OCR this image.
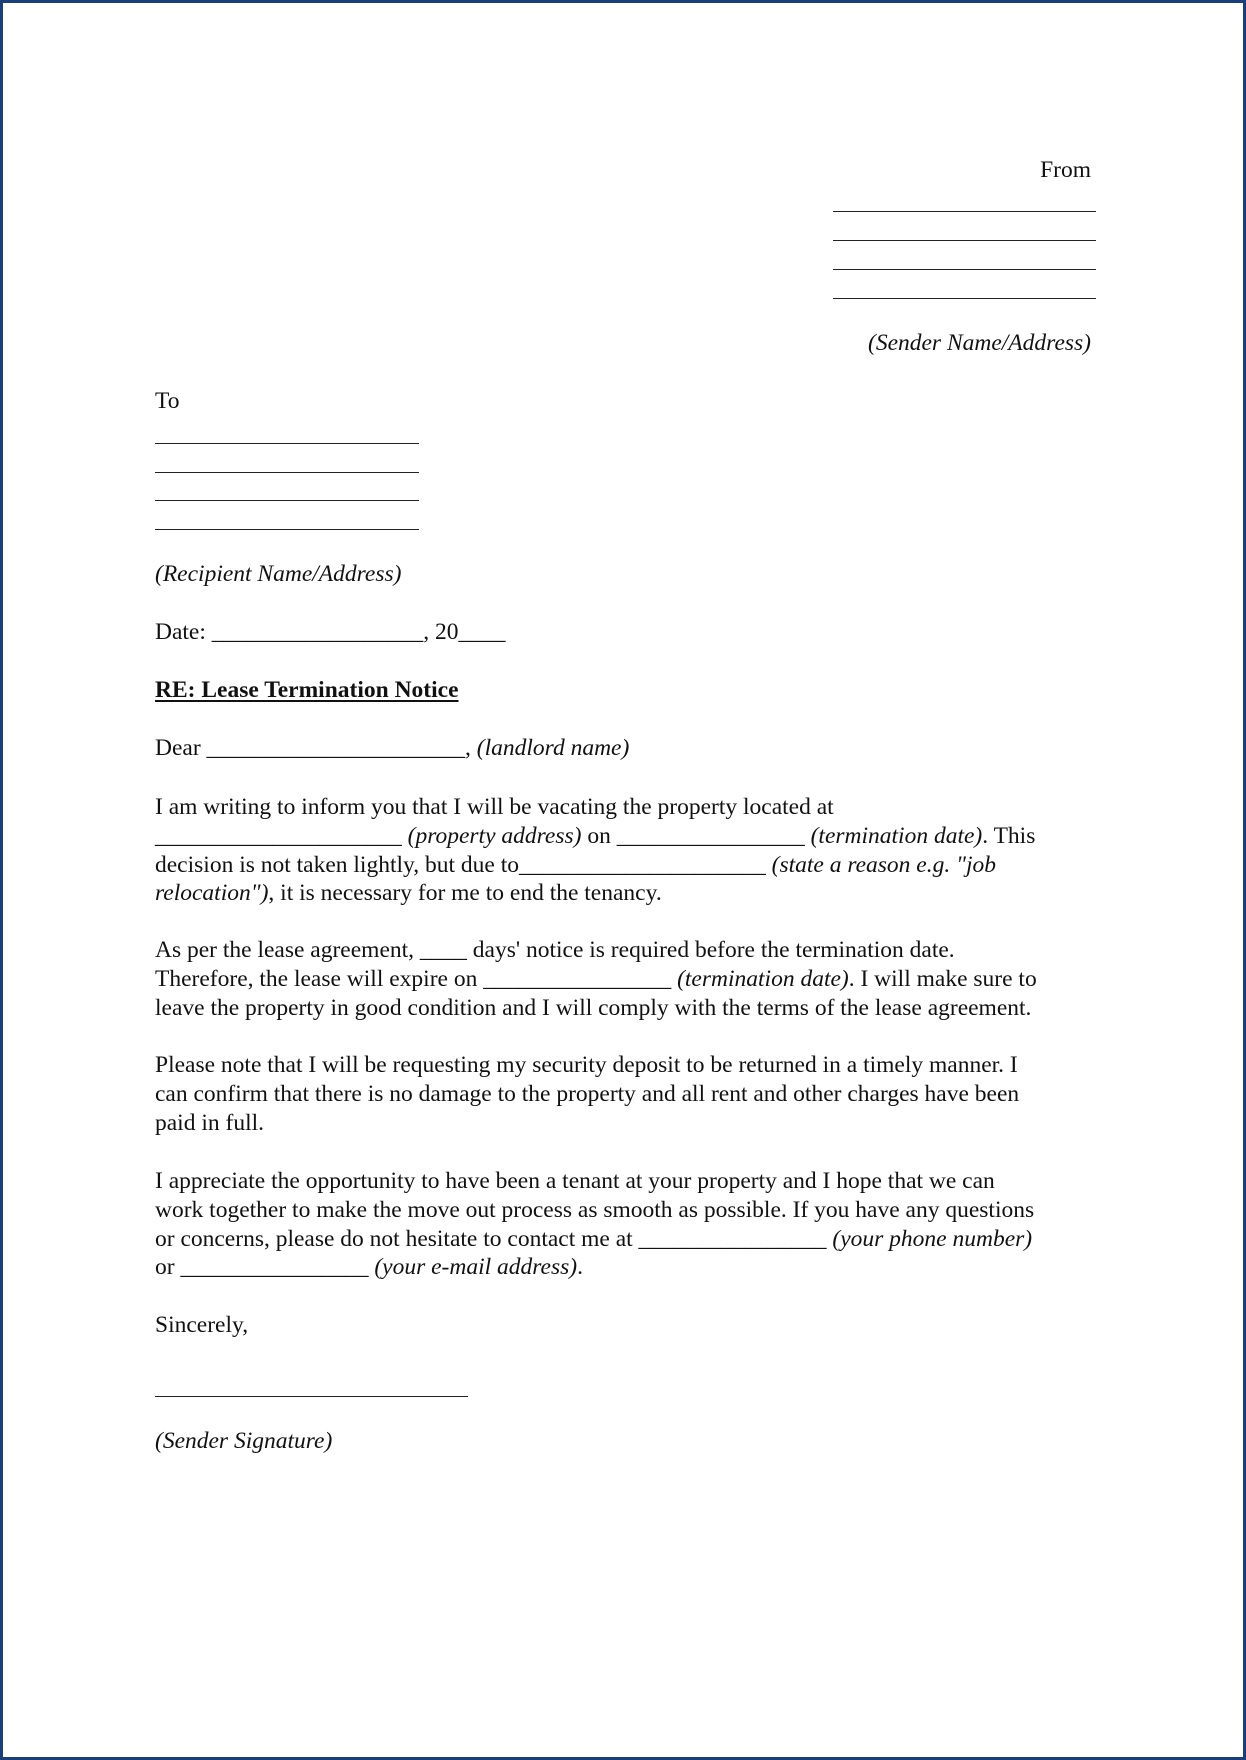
From
(Sender Name/Address)
To
(Recipient Name/Address)
Date: __________________, 20____
RE: Lease Termination Notice
Dear ______________________, (landlord name)
I am writing to inform you that I will be vacating the property located at
_____________________ (property address) on ________________ (termination date). This
decision is not taken lightly, but due to_____________________ (state a reason e.g. "job
relocation"), it is necessary for me to end the tenancy.
As per the lease agreement, ____ days' notice is required before the termination date.
Therefore, the lease will expire on ________________ (termination date). I will make sure to
leave the property in good condition and I will comply with the terms of the lease agreement.
Please note that I will be requesting my security deposit to be returned in a timely manner. I
can confirm that there is no damage to the property and all rent and other charges have been
paid in full.
I appreciate the opportunity to have been a tenant at your property and I hope that we can
work together to make the move out process as smooth as possible. If you have any questions
or concerns, please do not hesitate to contact me at ________________ (your phone number)
or ________________ (your e-mail address).
Sincerely,
(Sender Signature)
